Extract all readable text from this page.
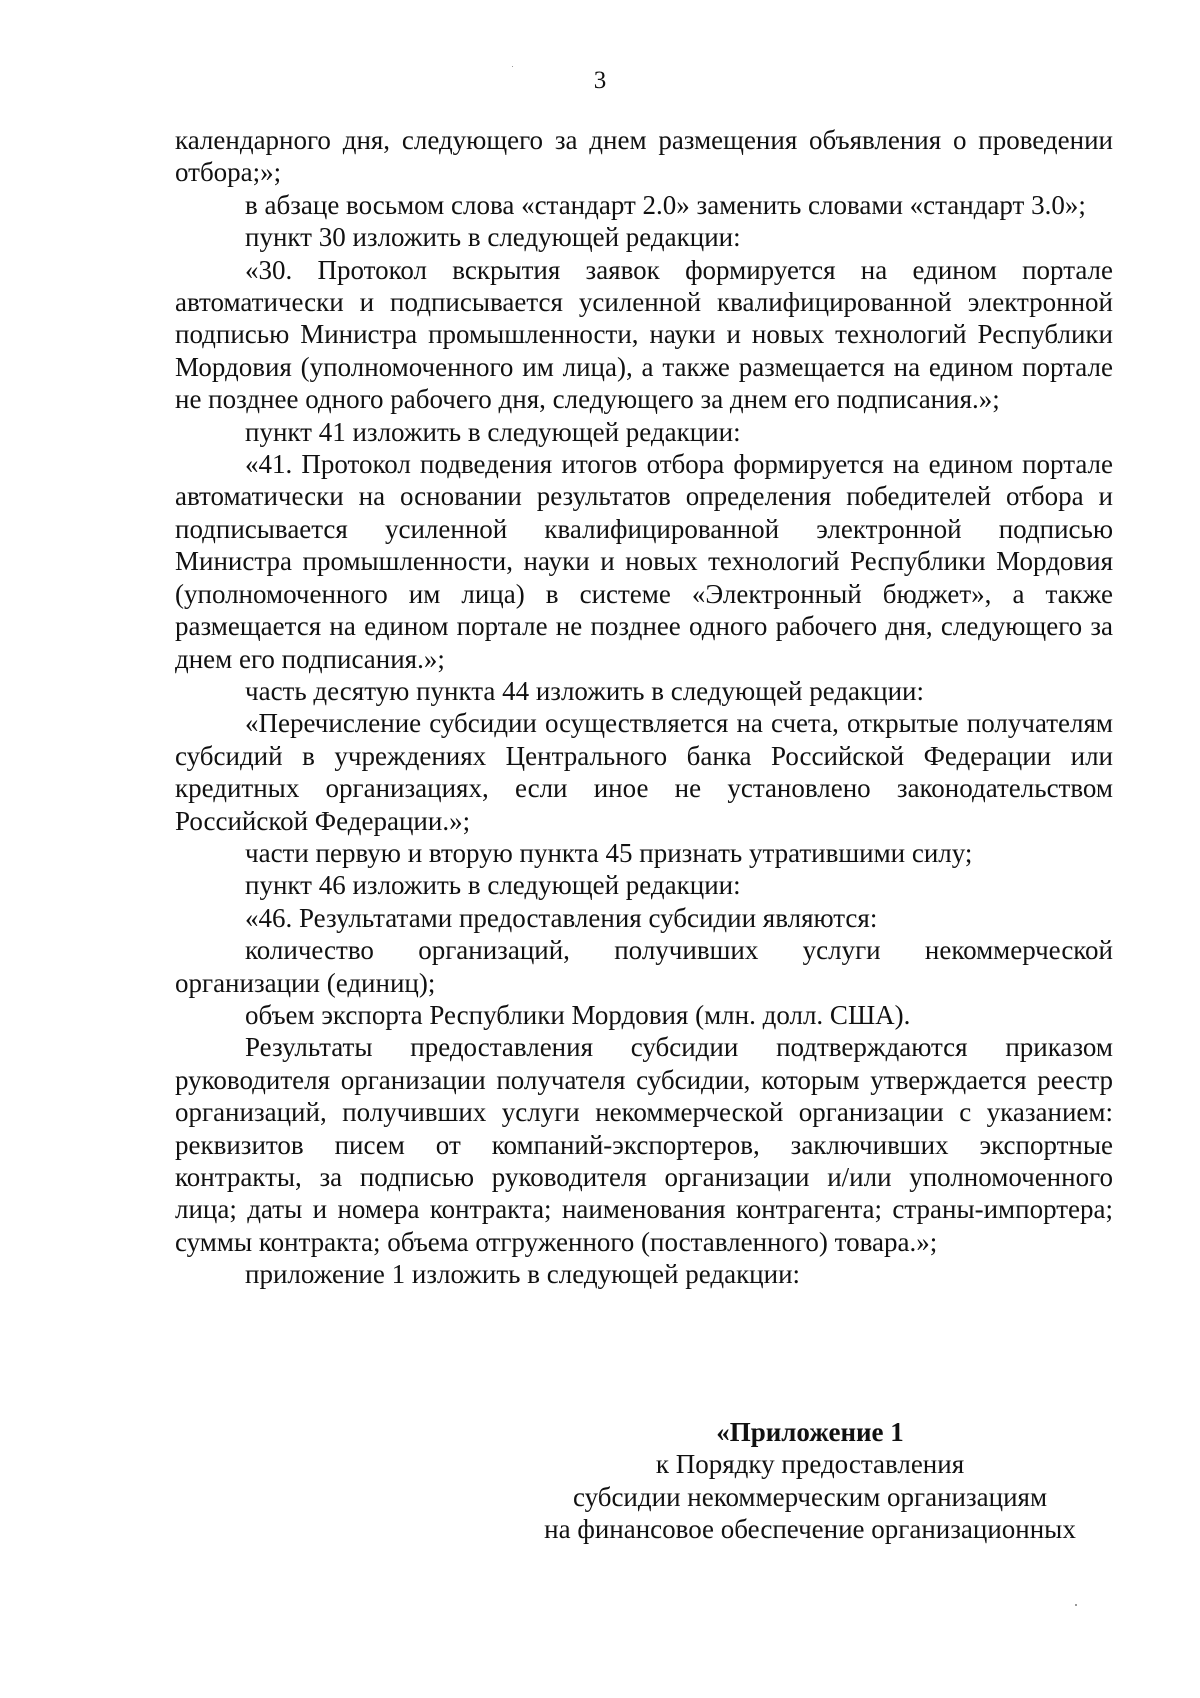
3

календарного дня, следующего за днем размещения объявления о проведении отбора;»;

в абзаце восьмом слова «стандарт 2.0» заменить словами «стандарт 3.0»;

пункт 30 изложить в следующей редакции:

«30. Протокол вскрытия заявок формируется на едином портале автоматически и подписывается усиленной квалифицированной электронной подписью Министра промышленности, науки и новых технологий Республики Мордовия (уполномоченного им лица), а также размещается на едином портале не позднее одного рабочего дня, следующего за днем его подписания.»;

пункт 41 изложить в следующей редакции:

«41. Протокол подведения итогов отбора формируется на едином портале автоматически на основании результатов определения победителей отбора и подписывается усиленной квалифицированной электронной подписью Министра промышленности, науки и новых технологий Республики Мордовия (уполномоченного им лица) в системе «Электронный бюджет», а также размещается на едином портале не позднее одного рабочего дня, следующего за днем его подписания.»;

часть десятую пункта 44 изложить в следующей редакции:

«Перечисление субсидии осуществляется на счета, открытые получателям субсидий в учреждениях Центрального банка Российской Федерации или кредитных организациях, если иное не установлено законодательством Российской Федерации.»;

части первую и вторую пункта 45 признать утратившими силу;

пункт 46 изложить в следующей редакции:

«46. Результатами предоставления субсидии являются:

количество организаций, получивших услуги некоммерческой организации (единиц);

объем экспорта Республики Мордовия (млн. долл. США).

Результаты предоставления субсидии подтверждаются приказом руководителя организации получателя субсидии, которым утверждается реестр организаций, получивших услуги некоммерческой организации с указанием: реквизитов писем от компаний-экспортеров, заключивших экспортные контракты, за подписью руководителя организации и/или уполномоченного лица; даты и номера контракта; наименования контрагента; страны-импортера; суммы контракта; объема отгруженного (поставленного) товара.»;

приложение 1 изложить в следующей редакции:

«Приложение 1
к Порядку предоставления
субсидии некоммерческим организациям
на финансовое обеспечение организационных
